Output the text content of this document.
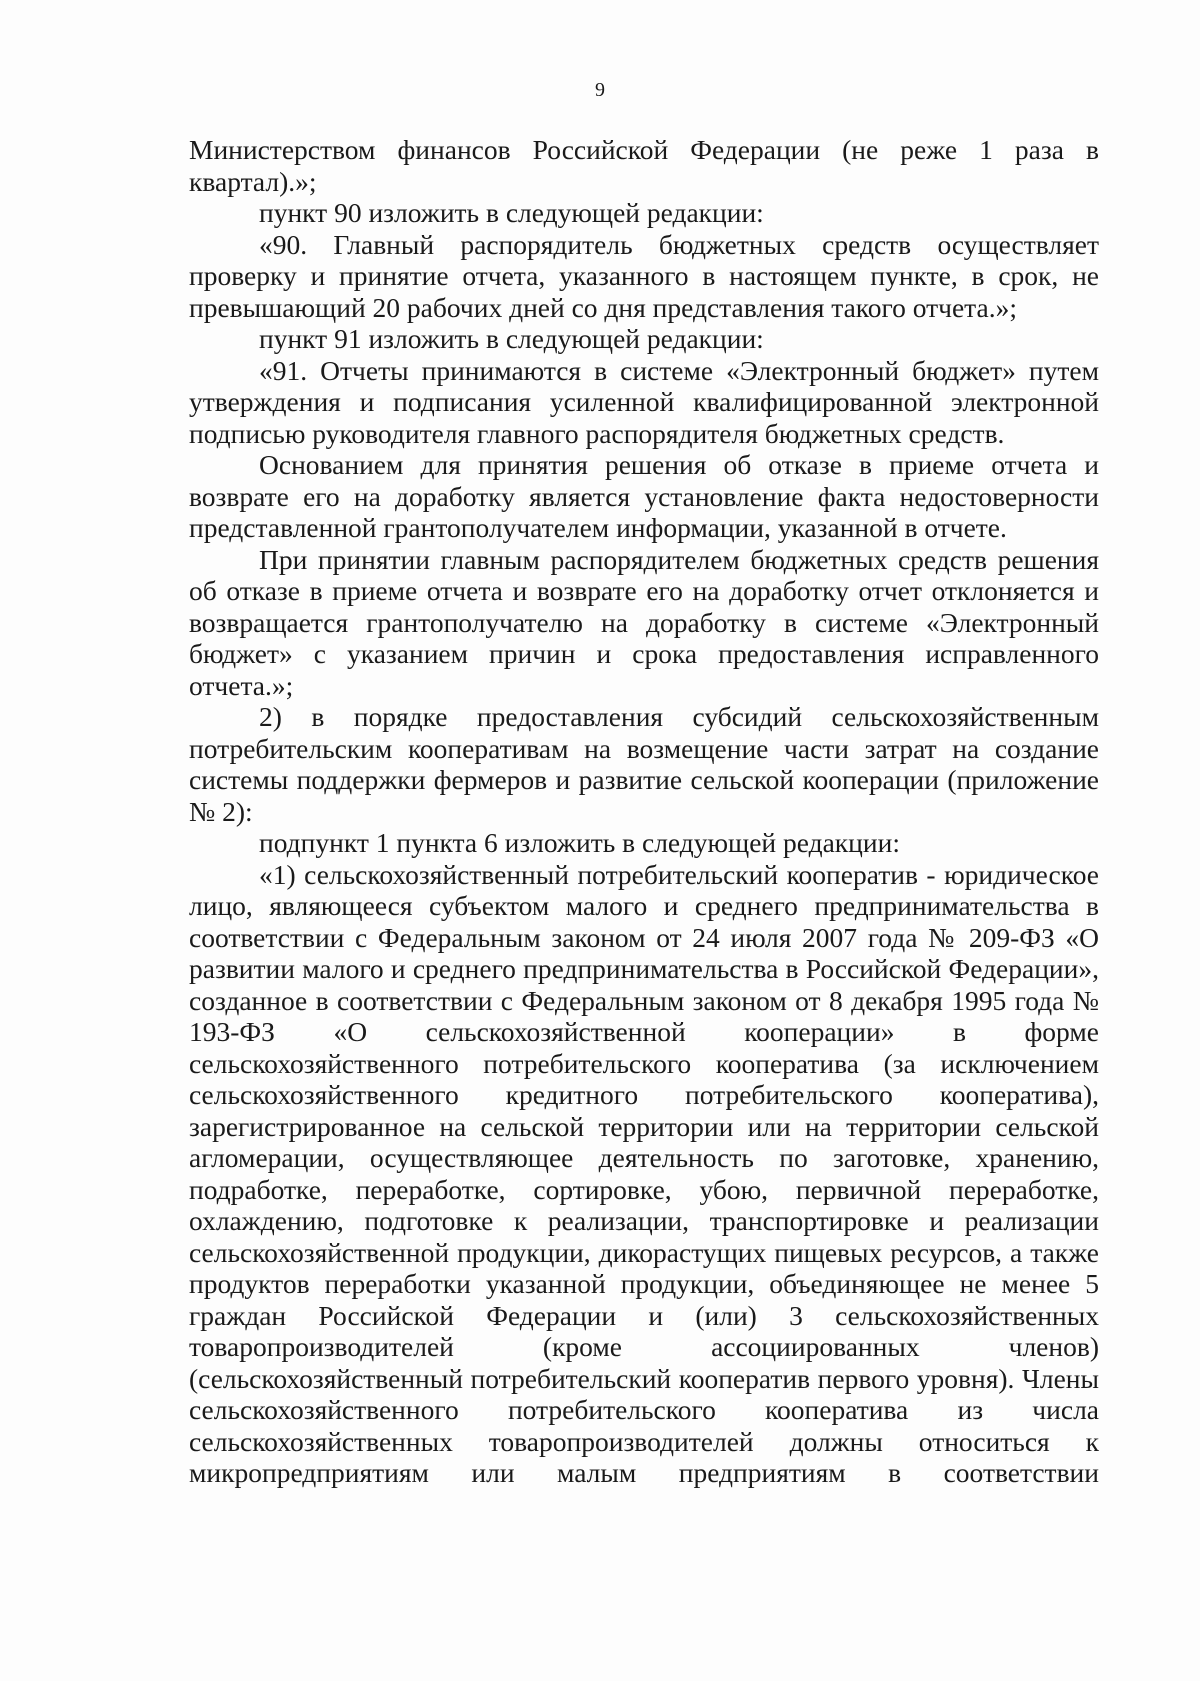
9

Министерством финансов Российской Федерации (не реже 1 раза в квартал).»;

пункт 90 изложить в следующей редакции:

«90. Главный распорядитель бюджетных средств осуществляет проверку и принятие отчета, указанного в настоящем пункте, в срок, не превышающий 20 рабочих дней со дня представления такого отчета.»;

пункт 91 изложить в следующей редакции:

«91. Отчеты принимаются в системе «Электронный бюджет» путем утверждения и подписания усиленной квалифицированной электронной подписью руководителя главного распорядителя бюджетных средств.

Основанием для принятия решения об отказе в приеме отчета и возврате его на доработку является установление факта недостоверности представленной грантополучателем информации, указанной в отчете.

При принятии главным распорядителем бюджетных средств решения об отказе в приеме отчета и возврате его на доработку отчет отклоняется и возвращается грантополучателю на доработку в системе «Электронный бюджет» с указанием причин и срока предоставления исправленного отчета.»;

2) в порядке предоставления субсидий сельскохозяйственным потребительским кооперативам на возмещение части затрат на создание системы поддержки фермеров и развитие сельской кооперации (приложение № 2):

подпункт 1 пункта 6 изложить в следующей редакции:

«1) сельскохозяйственный потребительский кооператив - юридическое лицо, являющееся субъектом малого и среднего предпринимательства в соответствии с Федеральным законом от 24 июля 2007 года № 209-ФЗ «О развитии малого и среднего предпринимательства в Российской Федерации», созданное в соответствии с Федеральным законом от 8 декабря 1995 года № 193-ФЗ «О сельскохозяйственной кооперации» в форме сельскохозяйственного потребительского кооператива (за исключением сельскохозяйственного кредитного потребительского кооператива), зарегистрированное на сельской территории или на территории сельской агломерации, осуществляющее деятельность по заготовке, хранению, подработке, переработке, сортировке, убою, первичной переработке, охлаждению, подготовке к реализации, транспортировке и реализации сельскохозяйственной продукции, дикорастущих пищевых ресурсов, а также продуктов переработки указанной продукции, объединяющее не менее 5 граждан Российской Федерации и (или) 3 сельскохозяйственных товаропроизводителей (кроме ассоциированных членов) (сельскохозяйственный потребительский кооператив первого уровня). Члены сельскохозяйственного потребительского кооператива из числа сельскохозяйственных товаропроизводителей должны относиться к микропредприятиям или малым предприятиям в соответствии
